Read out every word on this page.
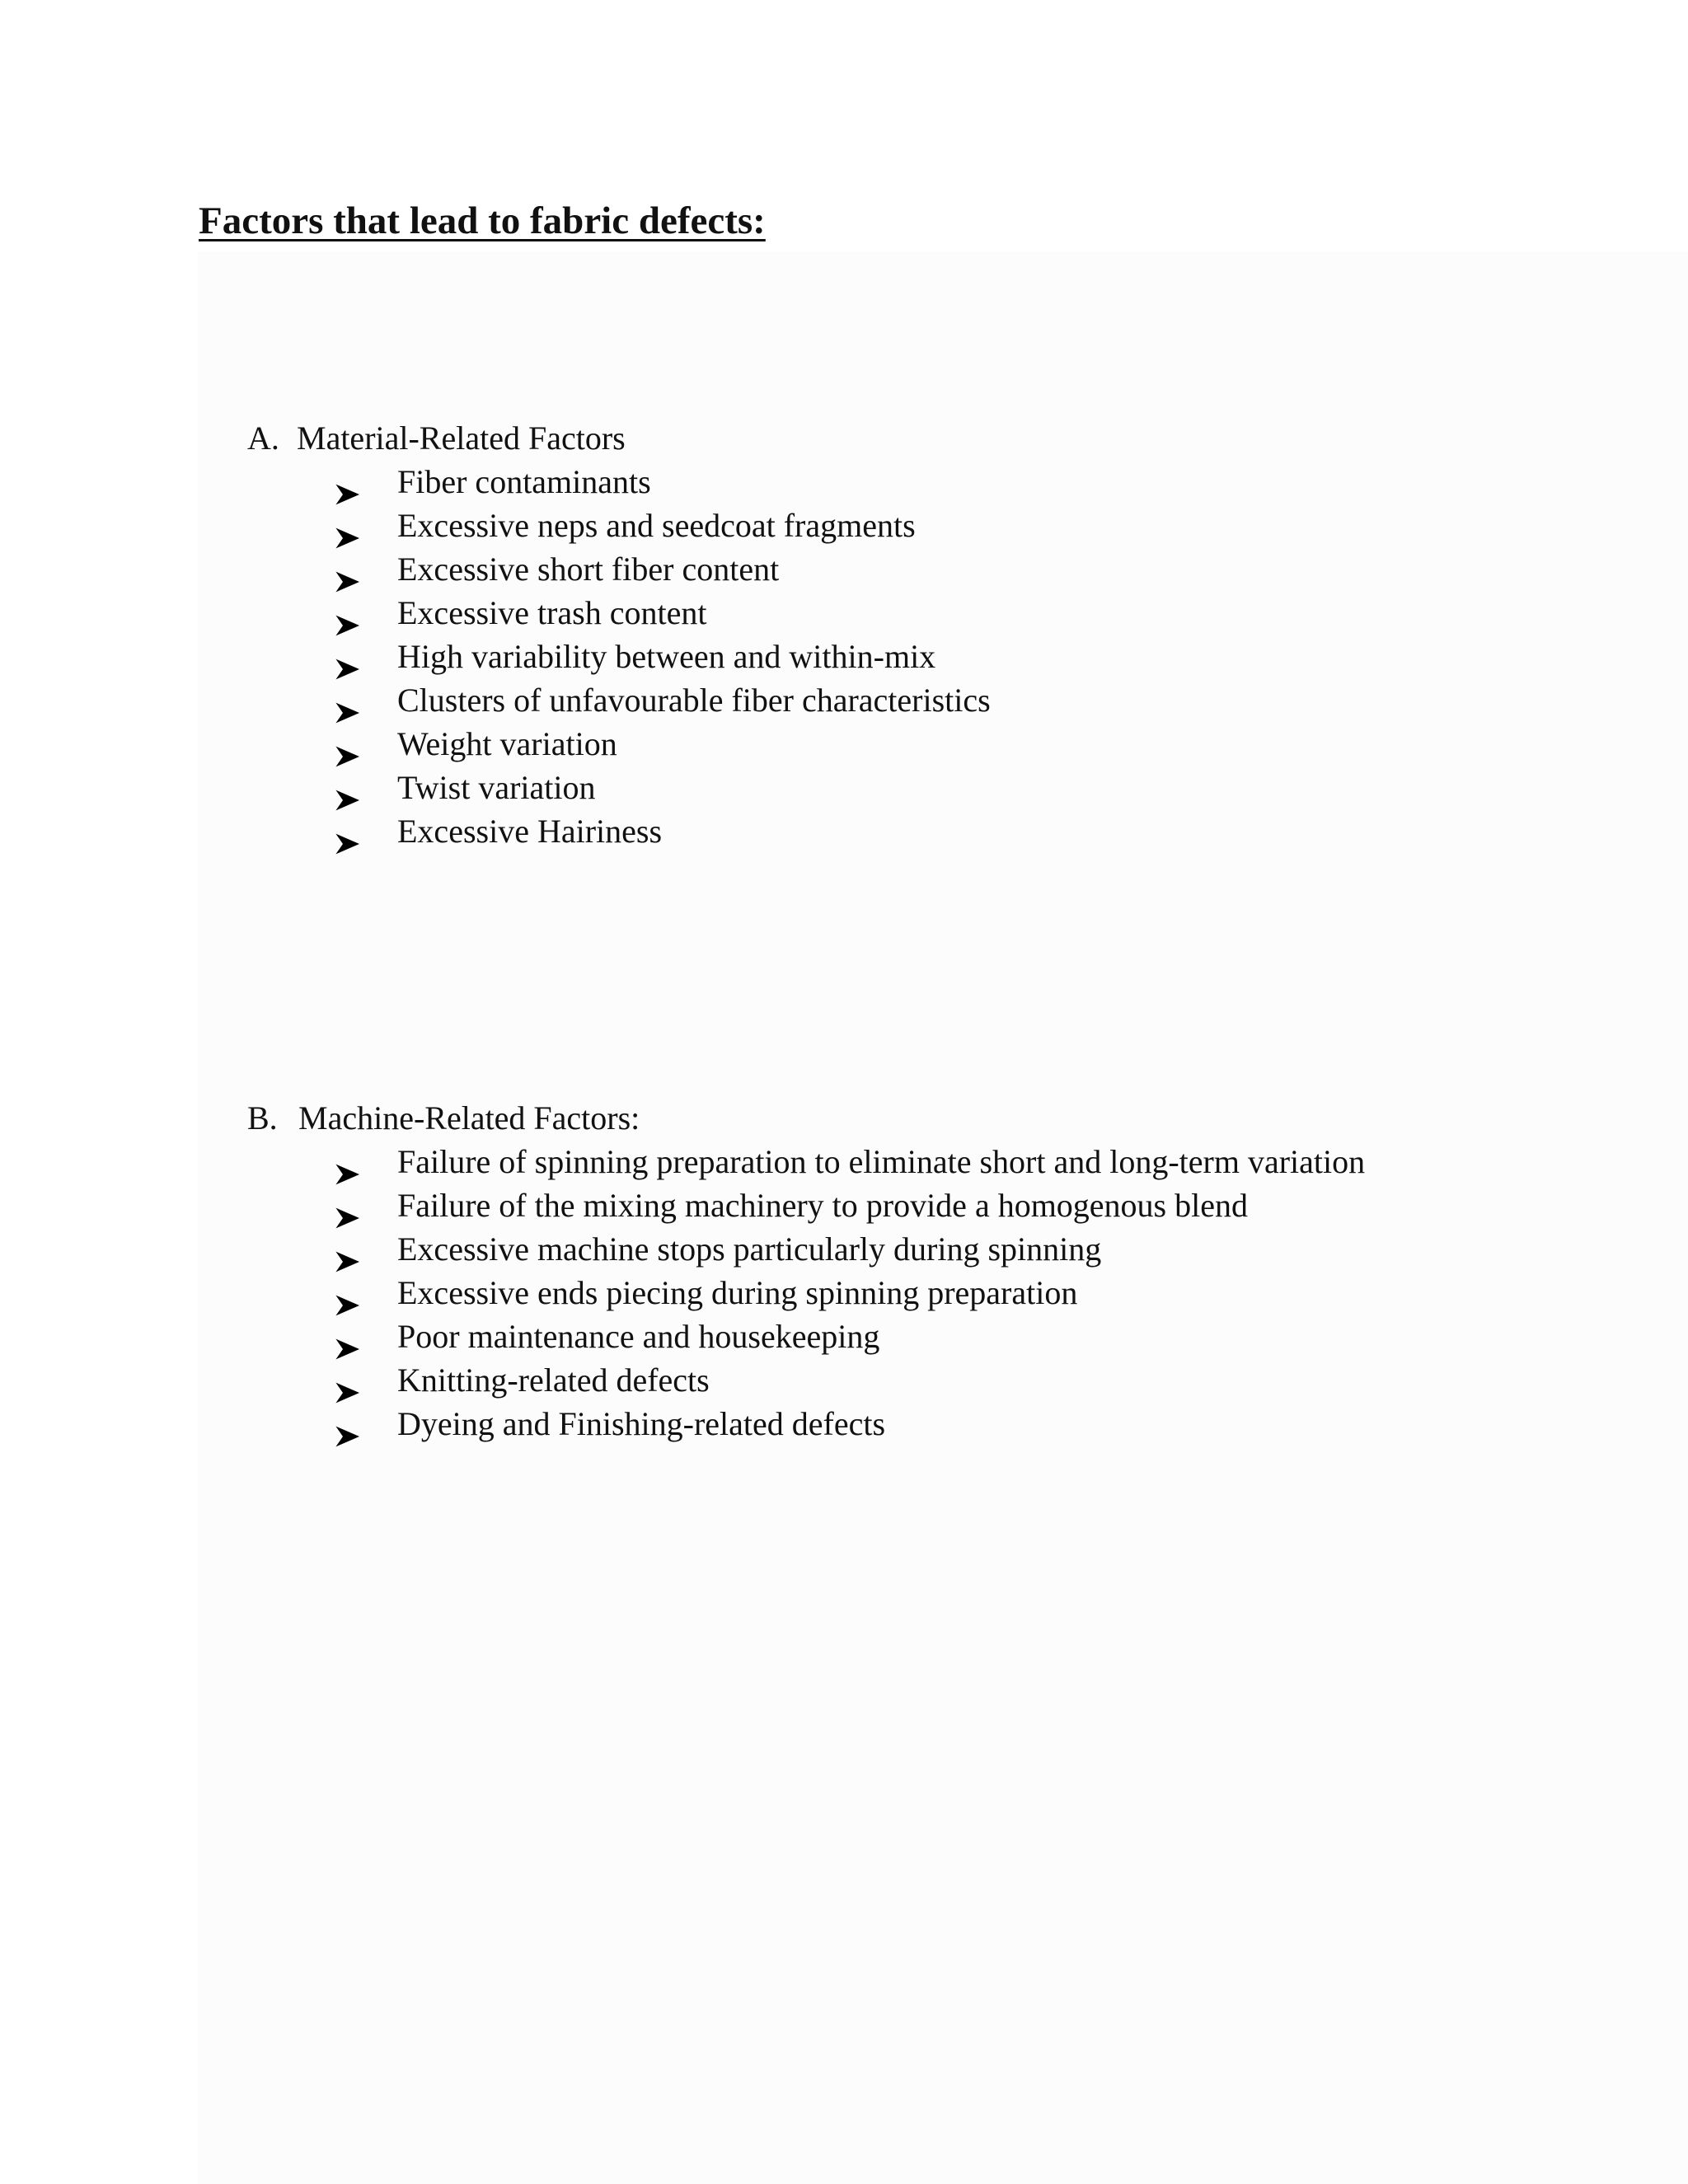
Factors that lead to fabric defects:
A. Material-Related Factors
Fiber contaminants
Excessive neps and seedcoat fragments
Excessive short fiber content
Excessive trash content
High variability between and within-mix
Clusters of unfavourable fiber characteristics
Weight variation
Twist variation
Excessive Hairiness
B. Machine-Related Factors:
Failure of spinning preparation to eliminate short and long-term variation
Failure of the mixing machinery to provide a homogenous blend
Excessive machine stops particularly during spinning
Excessive ends piecing during spinning preparation
Poor maintenance and housekeeping
Knitting-related defects
Dyeing and Finishing-related defects
